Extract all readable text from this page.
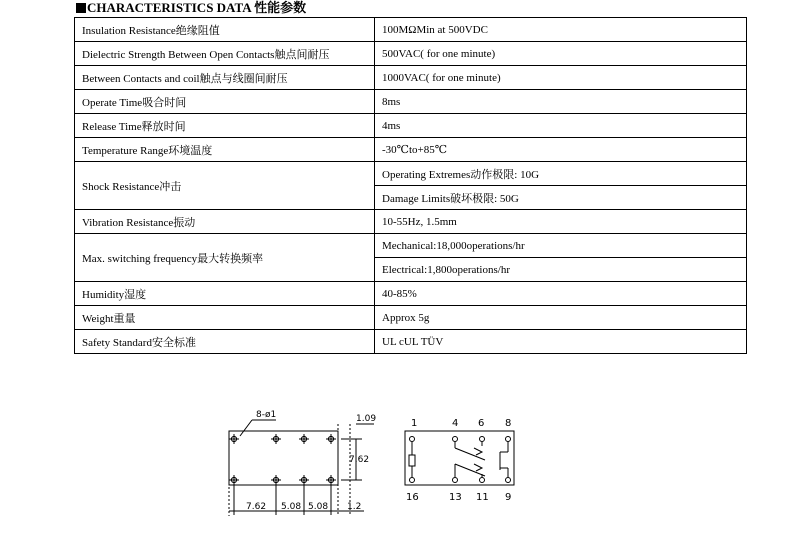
CHARACTERISTICS DATA 性能参数
Insulation Resistance绝缘阻值	100MΩMin at 500VDC
Dielectric Strength Between Open Contacts触点间耐压	500VAC( for one minute)
Between Contacts and coil触点与线圈间耐压	1000VAC( for one minute)
Operate Time吸合时间	8ms
Release Time释放时间	4ms
Temperature Range环境温度	-30℃to+85℃
Shock Resistance冲击	Operating Extremes动作极限: 10G
	Damage Limits破坏极限: 50G
Vibration Resistance振动	10-55Hz, 1.5mm
Max. switching frequency最大转换频率	Mechanical:18,000operations/hr
	Electrical:1,800operations/hr
Humidity湿度	40-85%
Weight重量	Approx 5g
Safety Standard安全标准	UL cUL TÜV
8-ø1	1.09
7.62
7.62 5.08 5.08 1.2
1	4 6 8
16	13 11 9
